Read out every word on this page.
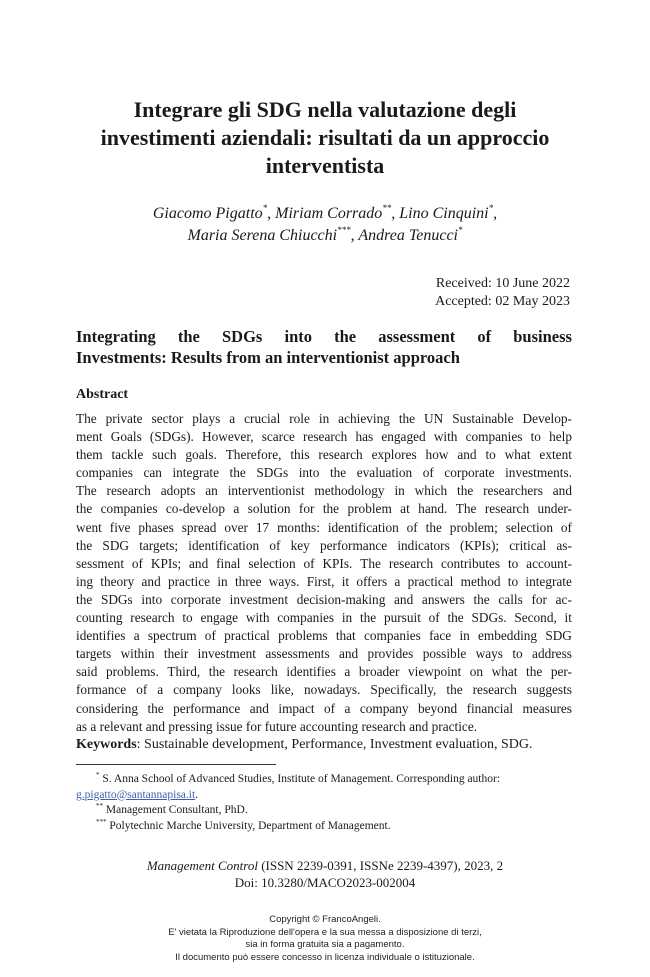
Integrare gli SDG nella valutazione degli
investimenti aziendali: risultati da un approccio
interventista
Giacomo Pigatto*, Miriam Corrado**, Lino Cinquini*,
Maria Serena Chiucchi***, Andrea Tenucci*
Received: 10 June 2022
Accepted: 02 May 2023
Integrating the SDGs into the assessment of business
Investments: Results from an interventionist approach
Abstract
The private sector plays a crucial role in achieving the UN Sustainable Develop-
ment Goals (SDGs). However, scarce research has engaged with companies to help
them tackle such goals. Therefore, this research explores how and to what extent
companies can integrate the SDGs into the evaluation of corporate investments.
The research adopts an interventionist methodology in which the researchers and
the companies co-develop a solution for the problem at hand. The research under-
went five phases spread over 17 months: identification of the problem; selection of
the SDG targets; identification of key performance indicators (KPIs); critical as-
sessment of KPIs; and final selection of KPIs. The research contributes to account-
ing theory and practice in three ways. First, it offers a practical method to integrate
the SDGs into corporate investment decision-making and answers the calls for ac-
counting research to engage with companies in the pursuit of the SDGs. Second, it
identifies a spectrum of practical problems that companies face in embedding SDG
targets within their investment assessments and provides possible ways to address
said problems. Third, the research identifies a broader viewpoint on what the per-
formance of a company looks like, nowadays. Specifically, the research suggests
considering the performance and impact of a company beyond financial measures
as a relevant and pressing issue for future accounting research and practice.
Keywords: Sustainable development, Performance, Investment evaluation, SDG.
* S. Anna School of Advanced Studies, Institute of Management. Corresponding author:
g.pigatto@santannapisa.it.
** Management Consultant, PhD.
*** Polytechnic Marche University, Department of Management.
Management Control (ISSN 2239-0391, ISSNe 2239-4397), 2023, 2
Doi: 10.3280/MACO2023-002004
Copyright © FrancoAngeli.
E' vietata la Riproduzione dell'opera e la sua messa a disposizione di terzi,
sia in forma gratuita sia a pagamento.
Il documento può essere concesso in licenza individuale o istituzionale.
